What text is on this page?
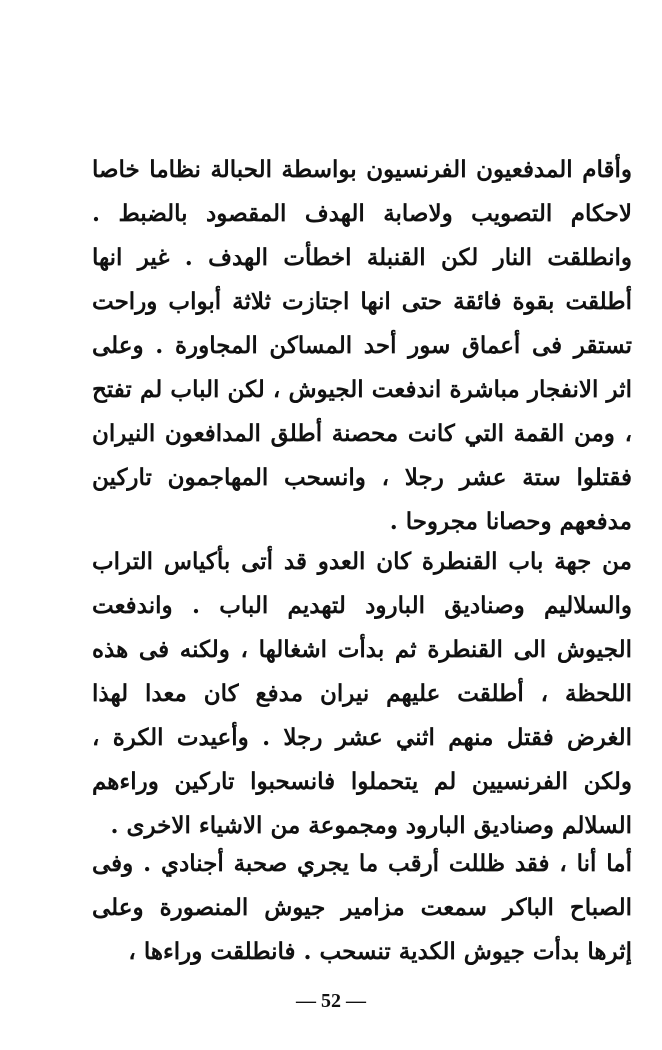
وأقام المدفعيون الفرنسيون بواسطة الحبالة نظاما خاصا لاحكام التصويب ولاصابة الهدف المقصود بالضبط . وانطلقت النار لكن القنبلة اخطأت الهدف . غير انها أطلقت بقوة فائقة حتى انها اجتازت ثلاثة أبواب وراحت تستقر فى أعماق سور أحد المساكن المجاورة . وعلى اثر الانفجار مباشرة اندفعت الجيوش ، لكن الباب لم تفتح ، ومن القمة التي كانت محصنة أطلق المدافعون النيران فقتلوا ستة عشر رجلا ، وانسحب المهاجمون تاركين مدفعهم وحصانا مجروحا .

من جهة باب القنطرة كان العدو قد أتى بأكياس التراب والسلاليم وصناديق البارود لتهديم الباب . واندفعت الجيوش الى القنطرة ثم بدأت اشغالها ، ولكنه فى هذه اللحظة ، أطلقت عليهم نيران مدفع كان معدا لهذا الغرض فقتل منهم اثني عشر رجلا . وأعيدت الكرة ، ولكن الفرنسيين لم يتحملوا فانسحبوا تاركين وراءهم السلالم وصناديق البارود ومجموعة من الاشياء الاخرى .

أما أنا ، فقد ظللت أرقب ما يجري صحبة أجنادي . وفى الصباح الباكر سمعت مزامير جيوش المنصورة وعلى إثرها بدأت جيوش الكدية تنسحب . فانطلقت وراءها ،

— 52 —
